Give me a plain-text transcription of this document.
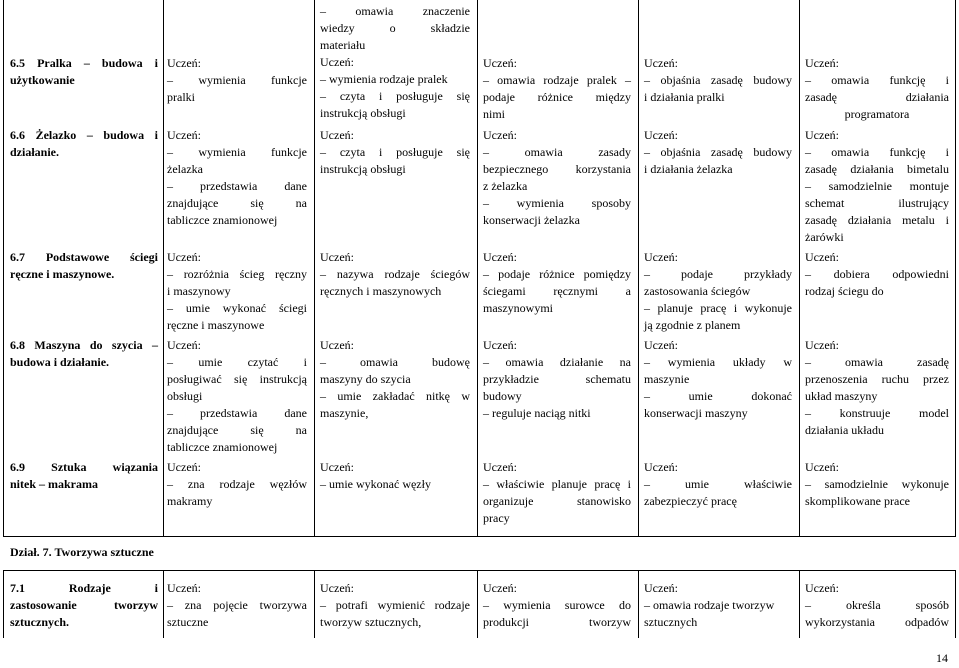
6.5 Pralka – budowa i
użytkowanie
Uczeń:
– wymienia funkcje
pralki
– omawia znaczenie
wiedzy o składzie
materiału
Uczeń:
– wymienia rodzaje pralek
– czyta i posługuje się
instrukcją obsługi
Uczeń:
– omawia rodzaje pralek –
podaje różnice między
nimi
Uczeń:
– objaśnia zasadę budowy
i działania pralki
Uczeń:
– omawia funkcję i
zasadę działania
programatora
6.6 Żelazko – budowa i
działanie.
Uczeń:
– wymienia funkcje
żelazka
– przedstawia dane
znajdujące się na
tabliczce znamionowej
Uczeń:
– czyta i posługuje się
instrukcją obsługi
Uczeń:
– omawia zasady
bezpiecznego korzystania
z żelazka
– wymienia sposoby
konserwacji żelazka
Uczeń:
– objaśnia zasadę budowy
i działania żelazka
Uczeń:
– omawia funkcję i
zasadę działania bimetalu
– samodzielnie montuje
schemat ilustrujący
zasadę działania metalu i
żarówki
6.7 Podstawowe ściegi
ręczne i maszynowe.
Uczeń:
– rozróżnia ścieg ręczny
i maszynowy
– umie wykonać ściegi
ręczne i maszynowe
Uczeń:
– nazywa rodzaje ściegów
ręcznych i maszynowych
Uczeń:
– podaje różnice pomiędzy
ściegami ręcznymi a
maszynowymi
Uczeń:
– podaje przykłady
zastosowania ściegów
– planuje pracę i wykonuje
ją zgodnie z planem
Uczeń:
– dobiera odpowiedni
rodzaj ściegu do
6.8 Maszyna do szycia –
budowa i działanie.
Uczeń:
– umie czytać i
posługiwać się instrukcją
obsługi
– przedstawia dane
znajdujące się na
tabliczce znamionowej
Uczeń:
– omawia budowę
maszyny do szycia
– umie zakładać nitkę w
maszynie,
Uczeń:
– omawia działanie na
przykładzie schematu
budowy
– reguluje naciąg nitki
Uczeń:
– wymienia układy w
maszynie
– umie dokonać
konserwacji maszyny
Uczeń:
– omawia zasadę
przenoszenia ruchu przez
układ maszyny
– konstruuje model
działania układu
6.9 Sztuka wiązania
nitek – makrama
Uczeń:
– zna rodzaje węzłów
makramy
Uczeń:
– umie wykonać węzły
Uczeń:
– właściwie planuje pracę i
organizuje stanowisko
pracy
Uczeń:
– umie właściwie
zabezpieczyć pracę
Uczeń:
– samodzielnie wykonuje
skomplikowane prace
Dział. 7. Tworzywa sztuczne
7.1 Rodzaje i
zastosowanie tworzyw
sztucznych.
Uczeń:
– zna pojęcie tworzywa
sztuczne
Uczeń:
– potrafi wymienić rodzaje
tworzyw sztucznych,
Uczeń:
– wymienia surowce do
produkcji tworzyw
Uczeń:
– omawia rodzaje tworzyw
sztucznych
Uczeń:
– określa sposób
wykorzystania odpadów
14
